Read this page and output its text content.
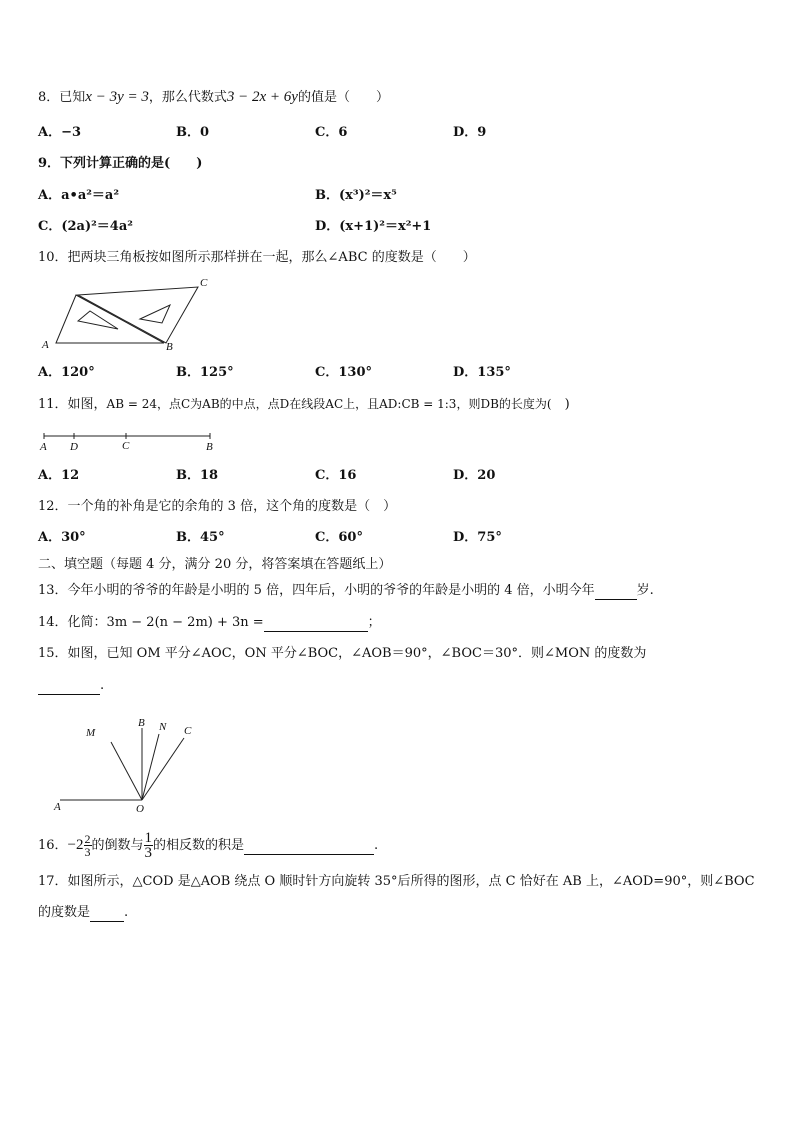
8．已知x − 3y = 3，那么代数式3 − 2x + 6y的值是（　　）
A．−3	B．0	C．6	D．9
9．下列计算正确的是(　　)
A．a•a²＝a²	B．(x³)²＝x⁵
C．(2a)²＝4a²	D．(x+1)²＝x²+1
10．把两块三角板按如图所示那样拼在一起，那么∠ABC 的度数是（　　）
A	B
C
A．120°	B．125°	C．130°	D．135°
11．如图，AB = 24，点C为AB的中点，点D在线段AC上，且AD:CB = 1:3，则DB的长度为(　)
A D	C	B
A．12	B．18	C．16	D．20
12．一个角的补角是它的余角的 3 倍，这个角的度数是（　）
A．30°	B．45°	C．60°	D．75°
二、填空题（每题 4 分，满分 20 分，将答案填在答题纸上）
13．今年小明的爷爷的年龄是小明的 5 倍，四年后，小明的爷爷的年龄是小明的 4 倍，小明今年	岁.
14．化简：3m − 2(n − 2m) + 3n =	；
15．如图，已知 OM 平分∠AOC，ON 平分∠BOC，∠AOB＝90°，∠BOC＝30°．则∠MON 的度数为
.
M
B N C
A	O
16．$-2 \frac{2}{3}$ 的倒数与 $\frac{1}{3}$ 的相反数的积是	.
17．如图所示，△COD 是△AOB 绕点 O 顺时针方向旋转 35°后所得的图形，点 C 恰好在 AB 上，∠AOD=90°，则∠BOC
的度数是	.
